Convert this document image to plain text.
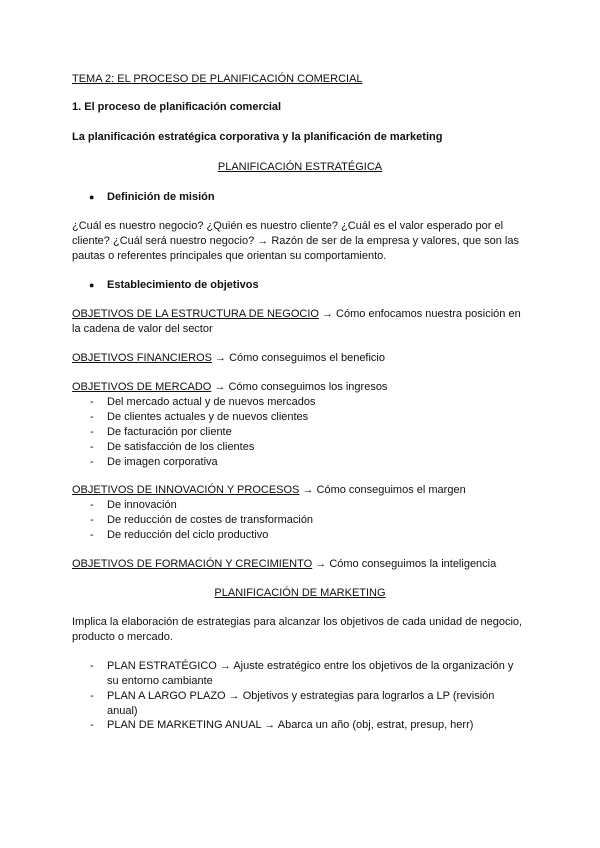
TEMA 2: EL PROCESO DE PLANIFICACIÓN COMERCIAL
1. El proceso de planificación comercial
La planificación estratégica corporativa y la planificación de marketing
PLANIFICACIÓN ESTRATÉGICA
● Definición de misión
¿Cuál es nuestro negocio? ¿Quién es nuestro cliente? ¿Cuál es el valor esperado por el
cliente? ¿Cuál será nuestro negocio? → Razón de ser de la empresa y valores, que son las
pautas o referentes principales que orientan su comportamiento.
● Establecimiento de objetivos
OBJETIVOS DE LA ESTRUCTURA DE NEGOCIO → Cómo enfocamos nuestra posición en
la cadena de valor del sector
OBJETIVOS FINANCIEROS → Cómo conseguimos el beneficio
OBJETIVOS DE MERCADO → Cómo conseguimos los ingresos
- Del mercado actual y de nuevos mercados
- De clientes actuales y de nuevos clientes
- De facturación por cliente
- De satisfacción de los clientes
- De imagen corporativa
OBJETIVOS DE INNOVACIÓN Y PROCESOS → Cómo conseguimos el margen
- De innovación
- De reducción de costes de transformación
- De reducción del ciclo productivo
OBJETIVOS DE FORMACIÓN Y CRECIMIENTO → Cómo conseguimos la inteligencia
PLANIFICACIÓN DE MARKETING
Implica la elaboración de estrategias para alcanzar los objetivos de cada unidad de negocio,
producto o mercado.
- PLAN ESTRATÉGICO → Ajuste estratégico entre los objetivos de la organización y
su entorno cambiante
- PLAN A LARGO PLAZO → Objetivos y estrategias para lograrlos a LP (revisión
anual)
- PLAN DE MARKETING ANUAL → Abarca un año (obj, estrat, presup, herr)
